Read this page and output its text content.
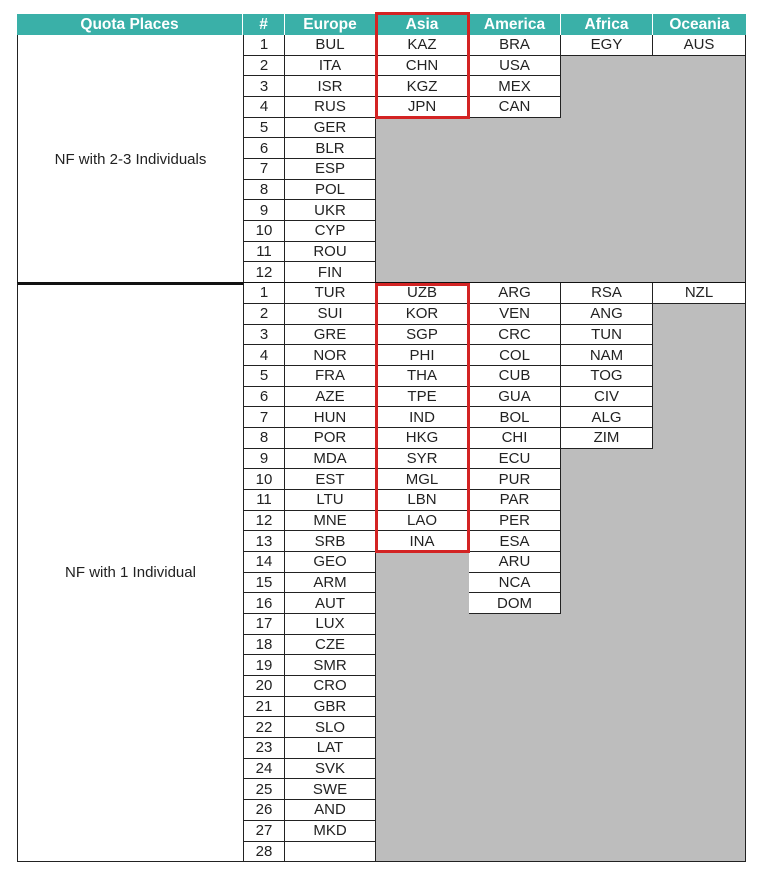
Quota Places	#	Europe	Asia	America	Africa	Oceania
NF with 2-3 Individuals
1	BUL	KAZ	BRA	EGY	AUS
2	ITA	CHN	USA
3	ISR	KGZ	MEX
4	RUS	JPN	CAN
5	GER
6	BLR
7	ESP
8	POL
9	UKR
10	CYP
11	ROU
12	FIN
NF with 1 Individual
1	TUR	UZB	ARG	RSA	NZL
2	SUI	KOR	VEN	ANG
3	GRE	SGP	CRC	TUN
4	NOR	PHI	COL	NAM
5	FRA	THA	CUB	TOG
6	AZE	TPE	GUA	CIV
7	HUN	IND	BOL	ALG
8	POR	HKG	CHI	ZIM
9	MDA	SYR	ECU
10	EST	MGL	PUR
11	LTU	LBN	PAR
12	MNE	LAO	PER
13	SRB	INA	ESA
14	GEO	ARU
15	ARM	NCA
16	AUT	DOM
17	LUX
18	CZE
19	SMR
20	CRO
21	GBR
22	SLO
23	LAT
24	SVK
25	SWE
26	AND
27	MKD
28
